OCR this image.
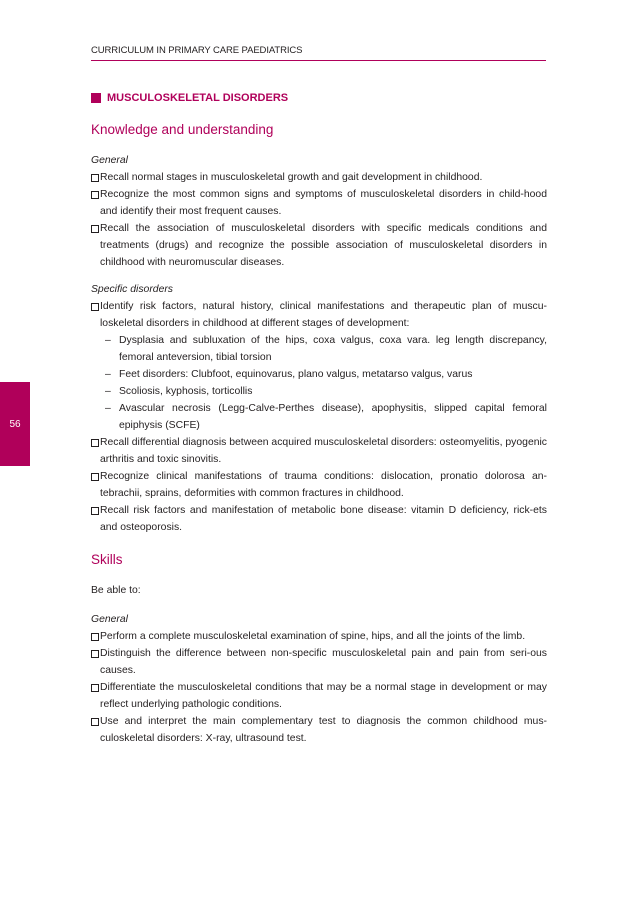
CURRICULUM IN PRIMARY CARE PAEDIATRICS
MUSCULOSKELETAL DISORDERS
56
Knowledge and understanding

General

Recall normal stages in musculoskeletal growth and gait development in childhood.
Recognize the most common signs and symptoms of musculoskeletal disorders in child-hood and identify their most frequent causes.
Recall the association of musculoskeletal disorders with specific medicals conditions and treatments (drugs) and recognize the possible association of musculoskeletal disorders in childhood with neuromuscular diseases.

Specific disorders

Identify risk factors, natural history, clinical manifestations and therapeutic plan of muscu-loskeletal disorders in childhood at different stages of development:
– Dysplasia and subluxation of the hips, coxa valgus, coxa vara. leg length discrepancy, femoral anteversion, tibial torsion
– Feet disorders: Clubfoot, equinovarus, plano valgus, metatarso valgus, varus
– Scoliosis, kyphosis, torticollis
– Avascular necrosis (Legg-Calve-Perthes disease), apophysitis, slipped capital femoral epiphysis (SCFE)
Recall differential diagnosis between acquired musculoskeletal disorders: osteomyelitis, pyogenic arthritis and toxic sinovitis.
Recognize clinical manifestations of trauma conditions: dislocation, pronatio dolorosa an-tebrachii, sprains, deformities with common fractures in childhood.
Recall risk factors and manifestation of metabolic bone disease: vitamin D deficiency, rick-ets and osteoporosis.
Skills

Be able to:

General

Perform a complete musculoskeletal examination of spine, hips, and all the joints of the limb.
Distinguish the difference between non-specific musculoskeletal pain and pain from seri-ous causes.
Differentiate the musculoskeletal conditions that may be a normal stage in development or may reflect underlying pathologic conditions.
Use and interpret the main complementary test to diagnosis the common childhood mus-culoskeletal disorders: X-ray, ultrasound test.
